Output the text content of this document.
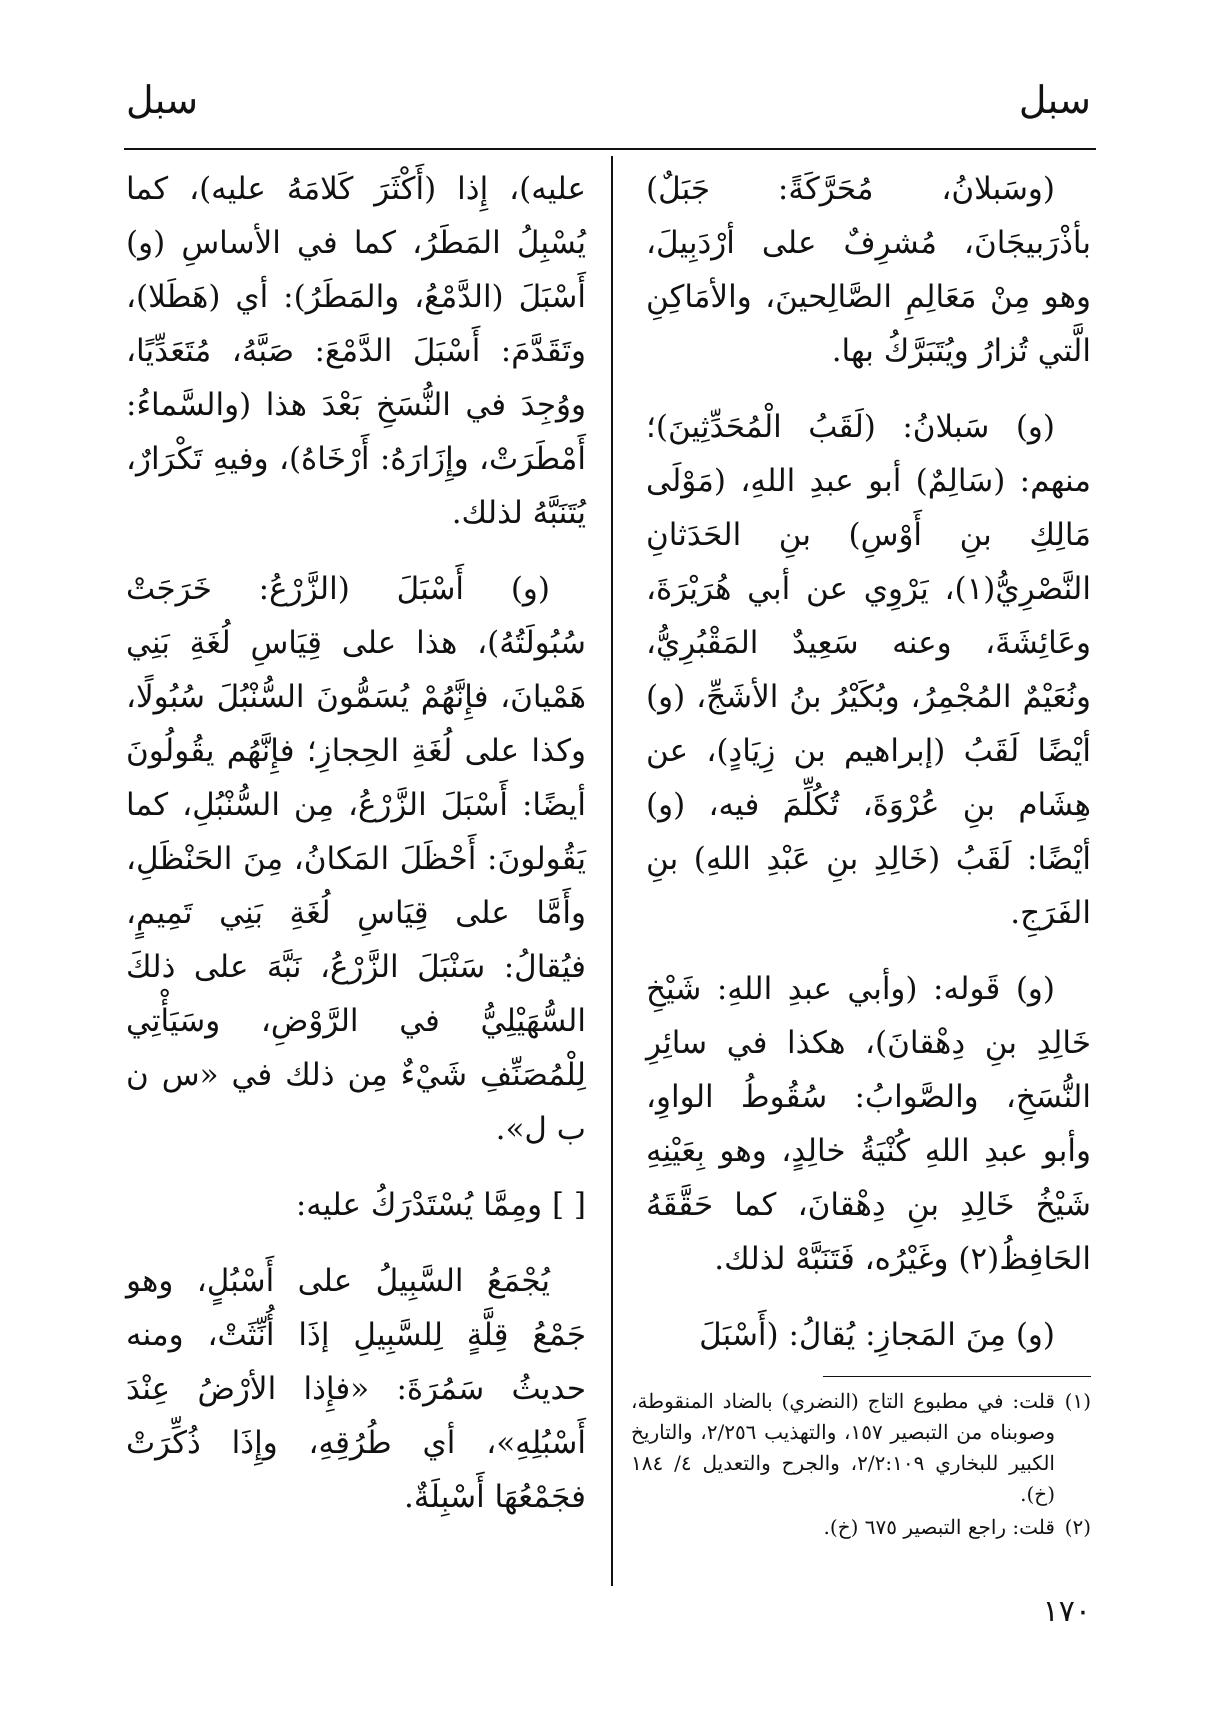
سبل
سبل

(وسَبلانُ، مُحَرَّكَةً: جَبَلٌ) بأذْرَبيجَانَ، مُشرِفٌ على أرْدَبِيلَ، وهو مِنْ مَعَالِمِ الصَّالِحينَ، والأمَاكِنِ الَّتي تُزارُ ويُتَبَرَّكُ بها.

(و) سَبلانُ: (لَقَبُ الْمُحَدِّثِينَ)؛ منهم: (سَالِمٌ) أبو عبدِ اللهِ، (مَوْلَى مَالِكِ بنِ أَوْسِ) بنِ الحَدَثانِ النَّصْرِيُّ(١)، يَرْوِي عن أبي هُرَيْرَةَ، وعَائِشَةَ، وعنه سَعِيدٌ المَقْبُرِيُّ، ونُعَيْمٌ المُجْمِرُ، وبُكَيْرُ بنُ الأشَجِّ، (و) أيْضًا لَقَبُ (إبراهيم بن زِيَادٍ)، عن هِشَام بنِ عُرْوَةَ، تُكُلِّمَ فيه، (و) أيْضًا: لَقَبُ (خَالِدِ بنِ عَبْدِ اللهِ) بنِ الفَرَجِ.

(و) قَوله: (وأبي عبدِ اللهِ: شَيْخِ خَالِدِ بنِ دِهْقانَ)، هكذا في سائِرِ النُّسَخِ، والصَّوابُ: سُقُوطُ الواوِ، وأبو عبدِ اللهِ كُنْيَةُ خالِدٍ، وهو بِعَيْنِهِ شَيْخُ خَالِدِ بنِ دِهْقانَ، كما حَقَّقَهُ الحَافِظُ(٢) وغَيْرُه، فَتَنَبَّهْ لذلك.

(و) مِنَ المَجازِ: يُقالُ: (أَسْبَلَ

عليه)، إِذا (أَكْثَرَ كَلامَهُ عليه)، كما يُسْبِلُ المَطَرُ، كما في الأساسِ (و) أَسْبَلَ (الدَّمْعُ، والمَطَرُ): أي (هَطَلا)، وتَقَدَّمَ: أَسْبَلَ الدَّمْعَ: صَبَّهُ، مُتَعَدِّيًا، ووُجِدَ في النُّسَخِ بَعْدَ هذا (والسَّماءُ: أَمْطَرَتْ، وإِزَارَهُ: أَرْخَاهُ)، وفيهِ تَكْرَارٌ، يُتَنَبَّهُ لذلك.

(و) أَسْبَلَ (الزَّرْعُ: خَرَجَتْ سُبُولَتُهُ)، هذا على قِيَاسِ لُغَةِ بَنِي هَمْيانَ، فإِنَّهُمْ يُسَمُّونَ السُّنْبُلَ سُبُولًا، وكذا على لُغَةِ الحِجازِ؛ فإِنَّهُم يقُولُونَ أيضًا: أَسْبَلَ الزَّرْعُ، مِن السُّنْبُلِ، كما يَقُولونَ: أَحْظَلَ المَكانُ، مِنَ الحَنْظَلِ، وأَمَّا على قِيَاسِ لُغَةِ بَنِي تَمِيمٍ، فيُقالُ: سَنْبَلَ الزَّرْعُ، نَبَّهَ على ذلكَ السُّهَيْلِيُّ في الرَّوْضِ، وسَيَأْتِي لِلْمُصَنِّفِ شَيْءٌ مِن ذلك في «س ن ب ل».

[ ] ومِمَّا يُسْتَدْرَكُ عليه:

يُجْمَعُ السَّبِيلُ على أَسْبُلٍ، وهو جَمْعُ قِلَّةٍ لِلسَّبِيلِ إذَا أُنِّثَتْ، ومنه حديثُ سَمُرَةَ: «فإِذا الأرْضُ عِنْدَ أَسْبُلِهِ»، أي طُرُقِهِ، وإِذَا ذُكِّرَتْ فجَمْعُهَا أَسْبِلَةٌ.

(١)
قلت: في مطبوع التاج (النضري) بالضاد المنقوطة، وصوبناه من التبصير ١٥٧، والتهذيب ٢/٢٥٦، والتاريخ الكبير للبخاري ٢/٢:١٠٩، والجرح والتعديل ٤/ ١٨٤ (خ).
(٢)
قلت: راجع التبصير ٦٧٥ (خ).
١٧٠
